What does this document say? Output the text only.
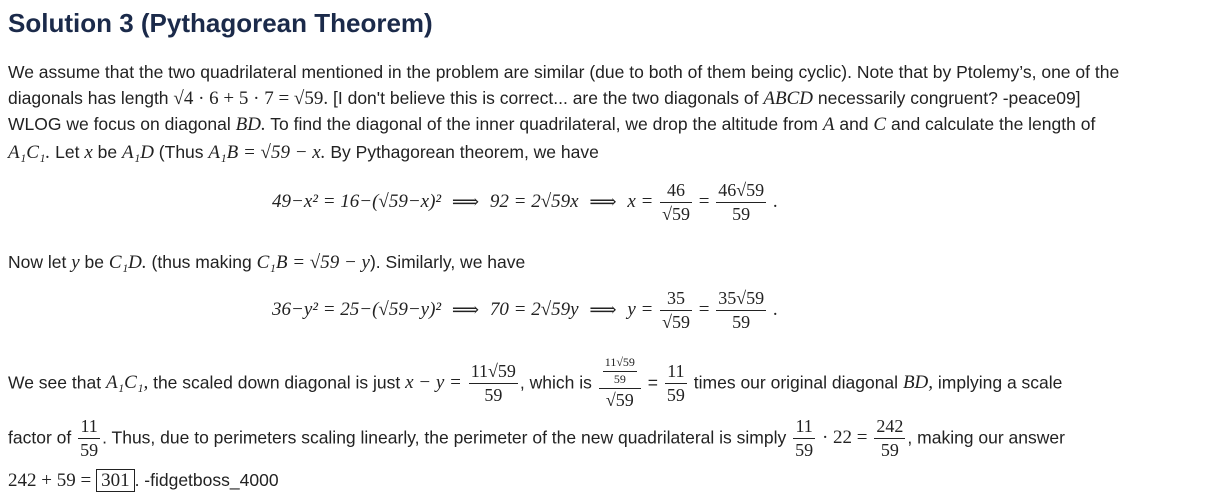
Solution 3 (Pythagorean Theorem)
We assume that the two quadrilateral mentioned in the problem are similar (due to both of them being cyclic). Note that by Ptolemy’s, one of the
diagonals has length √4 · 6 + 5 · 7 = √59. [I don't believe this is correct... are the two diagonals of ABCD necessarily congruent? -peace09]
WLOG we focus on diagonal BD. To find the diagonal of the inner quadrilateral, we drop the altitude from A and C and calculate the length of
A₁C₁. Let x be A₁D (Thus A₁B = √59 − x. By Pythagorean theorem, we have
49−x² = 16−(√59−x)² ⟹ 92 = 2√59x ⟹ $x = \frac{46}{√59} = \frac{46√59}{59}$ .
Now let y be C₁D. (thus making C₁B = √59 − y). Similarly, we have
36−y² = 25−(√59−y)² ⟹ 70 = 2√59y ⟹ $y = \frac{35}{√59} = \frac{35√59}{59}$ .
We see that A₁C₁, the scaled down diagonal is just $x - y = \frac{11√59}{59}$ , which is $\frac{\frac{11√59}{59}}{√59} = \frac{11}{59}$ times our original diagonal BD, implying a scale
factor of $\frac{11}{59}$ . Thus, due to perimeters scaling linearly, the perimeter of the new quadrilateral is simply $\frac{11}{59} \cdot 22 = \frac{242}{59}$ , making our answer
242 + 59 = 301 . -fidgetboss_4000
